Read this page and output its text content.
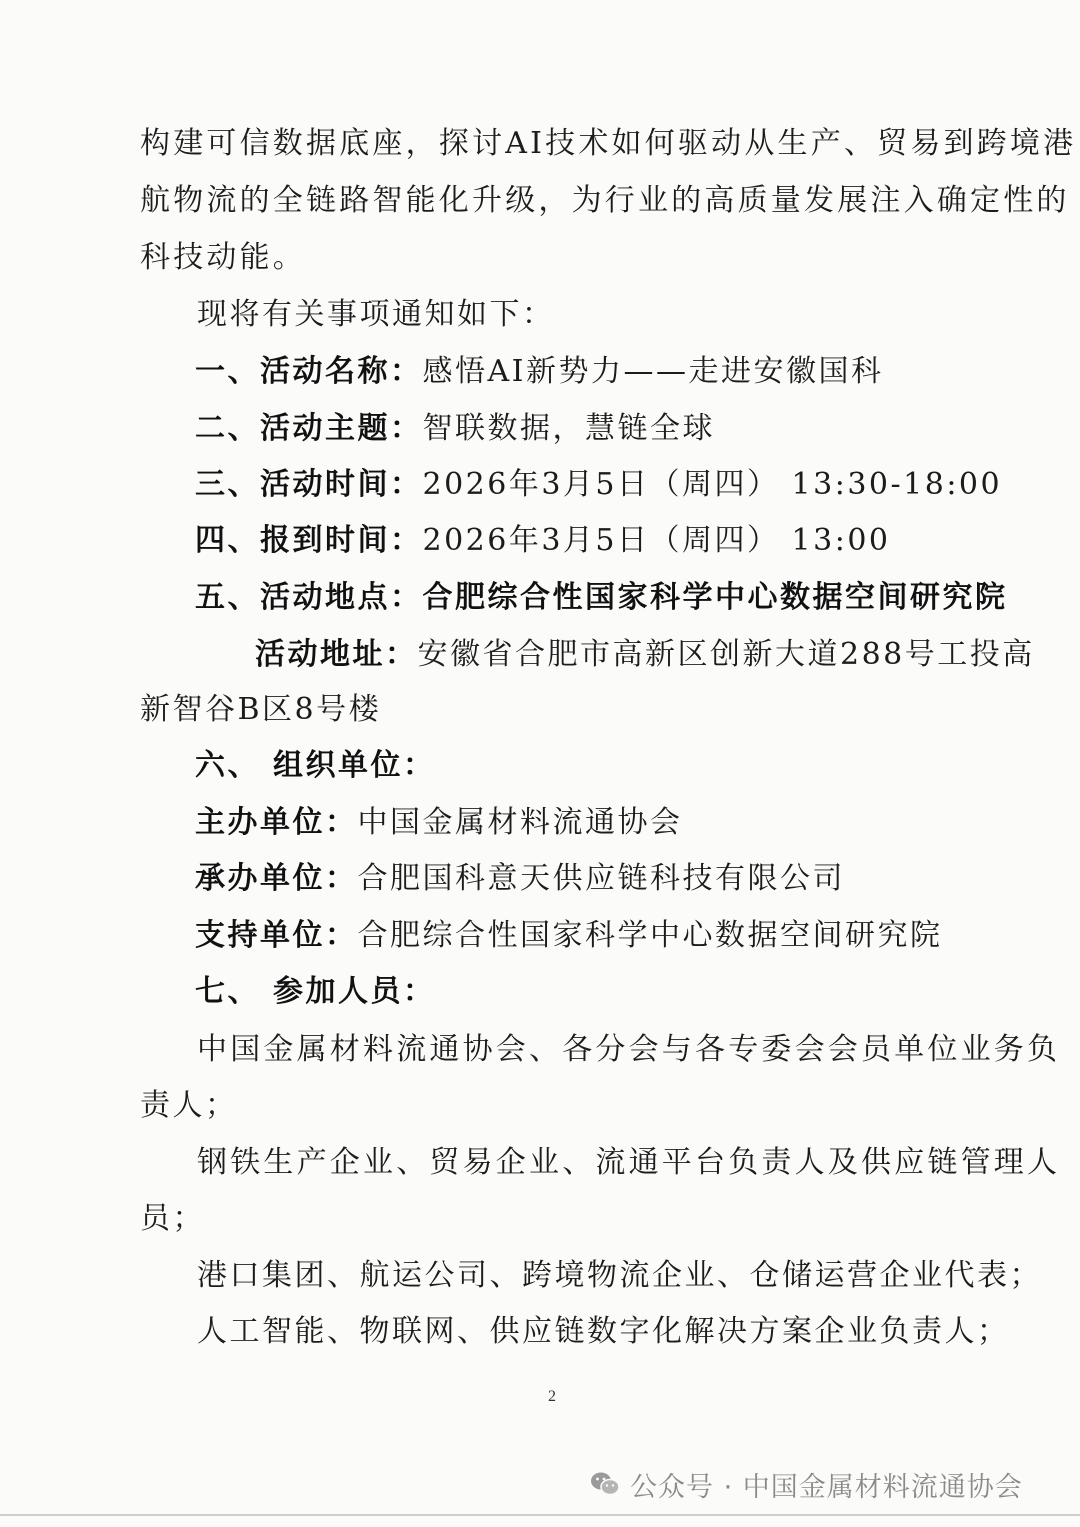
构建可信数据底座，探讨AI技术如何驱动从生产、贸易到跨境港
航物流的全链路智能化升级，为行业的高质量发展注入确定性的
科技动能。
现将有关事项通知如下：
一、活动名称：感悟AI新势力——走进安徽国科
二、活动主题：智联数据，慧链全球
三、活动时间：2026年3月5日（周四） 13:30-18:00
四、报到时间：2026年3月5日（周四） 13:00
五、活动地点：合肥综合性国家科学中心数据空间研究院
活动地址：安徽省合肥市高新区创新大道288号工投高
新智谷B区8号楼
六、 组织单位：
主办单位：中国金属材料流通协会
承办单位：合肥国科意天供应链科技有限公司
支持单位：合肥综合性国家科学中心数据空间研究院
七、 参加人员：
中国金属材料流通协会、各分会与各专委会会员单位业务负
责人；
钢铁生产企业、贸易企业、流通平台负责人及供应链管理人
员；
港口集团、航运公司、跨境物流企业、仓储运营企业代表；
人工智能、物联网、供应链数字化解决方案企业负责人；
2
公众号 · 中国金属材料流通协会
